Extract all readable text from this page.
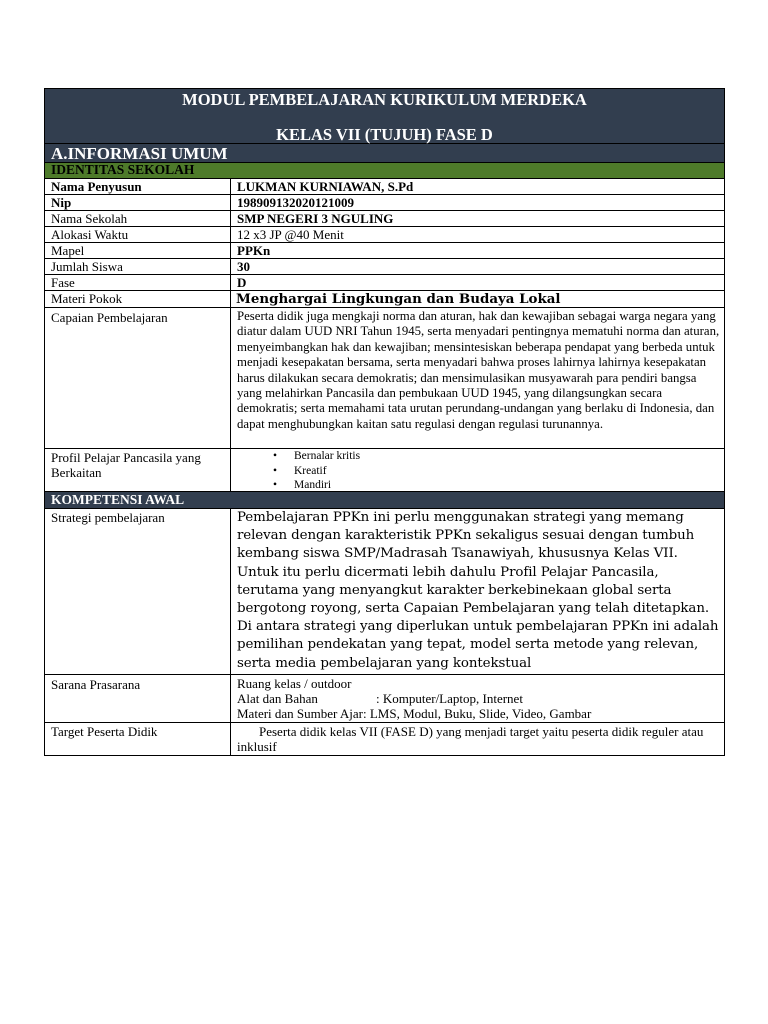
MODUL PEMBELAJARAN KURIKULUM MERDEKA
KELAS VII (TUJUH) FASE D
A.INFORMASI UMUM
IDENTITAS SEKOLAH
Nama Penyusun	LUKMAN KURNIAWAN, S.Pd
Nip	198909132020121009
Nama Sekolah	SMP NEGERI 3 NGULING
Alokasi Waktu	12 x3 JP @40 Menit
Mapel	PPKn
Jumlah Siswa	30
Fase	D
Materi Pokok	Menghargai Lingkungan dan Budaya Lokal
Capaian Pembelajaran	Peserta didik juga mengkaji norma dan aturan, hak dan kewajiban sebagai warga negara yang diatur dalam UUD NRI Tahun 1945, serta menyadari pentingnya mematuhi norma dan aturan, menyeimbangkan hak dan kewajiban; mensintesiskan beberapa pendapat yang berbeda untuk menjadi kesepakatan bersama, serta menyadari bahwa proses lahirnya lahirnya kesepakatan harus dilakukan secara demokratis; dan mensimulasikan musyawarah para pendiri bangsa yang melahirkan Pancasila dan pembukaan UUD 1945, yang dilangsungkan secara demokratis; serta memahami tata urutan perundang-undangan yang berlaku di Indonesia, dan dapat menghubungkan kaitan satu regulasi dengan regulasi turunannya.
Profil Pelajar Pancasila yang Berkaitan
• Bernalar kritis
• Kreatif
• Mandiri
KOMPETENSI AWAL
Strategi pembelajaran	Pembelajaran PPKn ini perlu menggunakan strategi yang memang relevan dengan karakteristik PPKn sekaligus sesuai dengan tumbuh kembang siswa SMP/Madrasah Tsanawiyah, khususnya Kelas VII. Untuk itu perlu dicermati lebih dahulu Profil Pelajar Pancasila, terutama yang menyangkut karakter berkebinekaan global serta bergotong royong, serta Capaian Pembelajaran yang telah ditetapkan. Di antara strategi yang diperlukan untuk pembelajaran PPKn ini adalah pemilihan pendekatan yang tepat, model serta metode yang relevan, serta media pembelajaran yang kontekstual
Sarana Prasarana	Ruang kelas / outdoor
Alat dan Bahan	: Komputer/Laptop, Internet
Materi dan Sumber Ajar: LMS, Modul, Buku, Slide, Video, Gambar
Target Peserta Didik	Peserta didik kelas VII (FASE D) yang menjadi target yaitu peserta didik reguler atau inklusif
